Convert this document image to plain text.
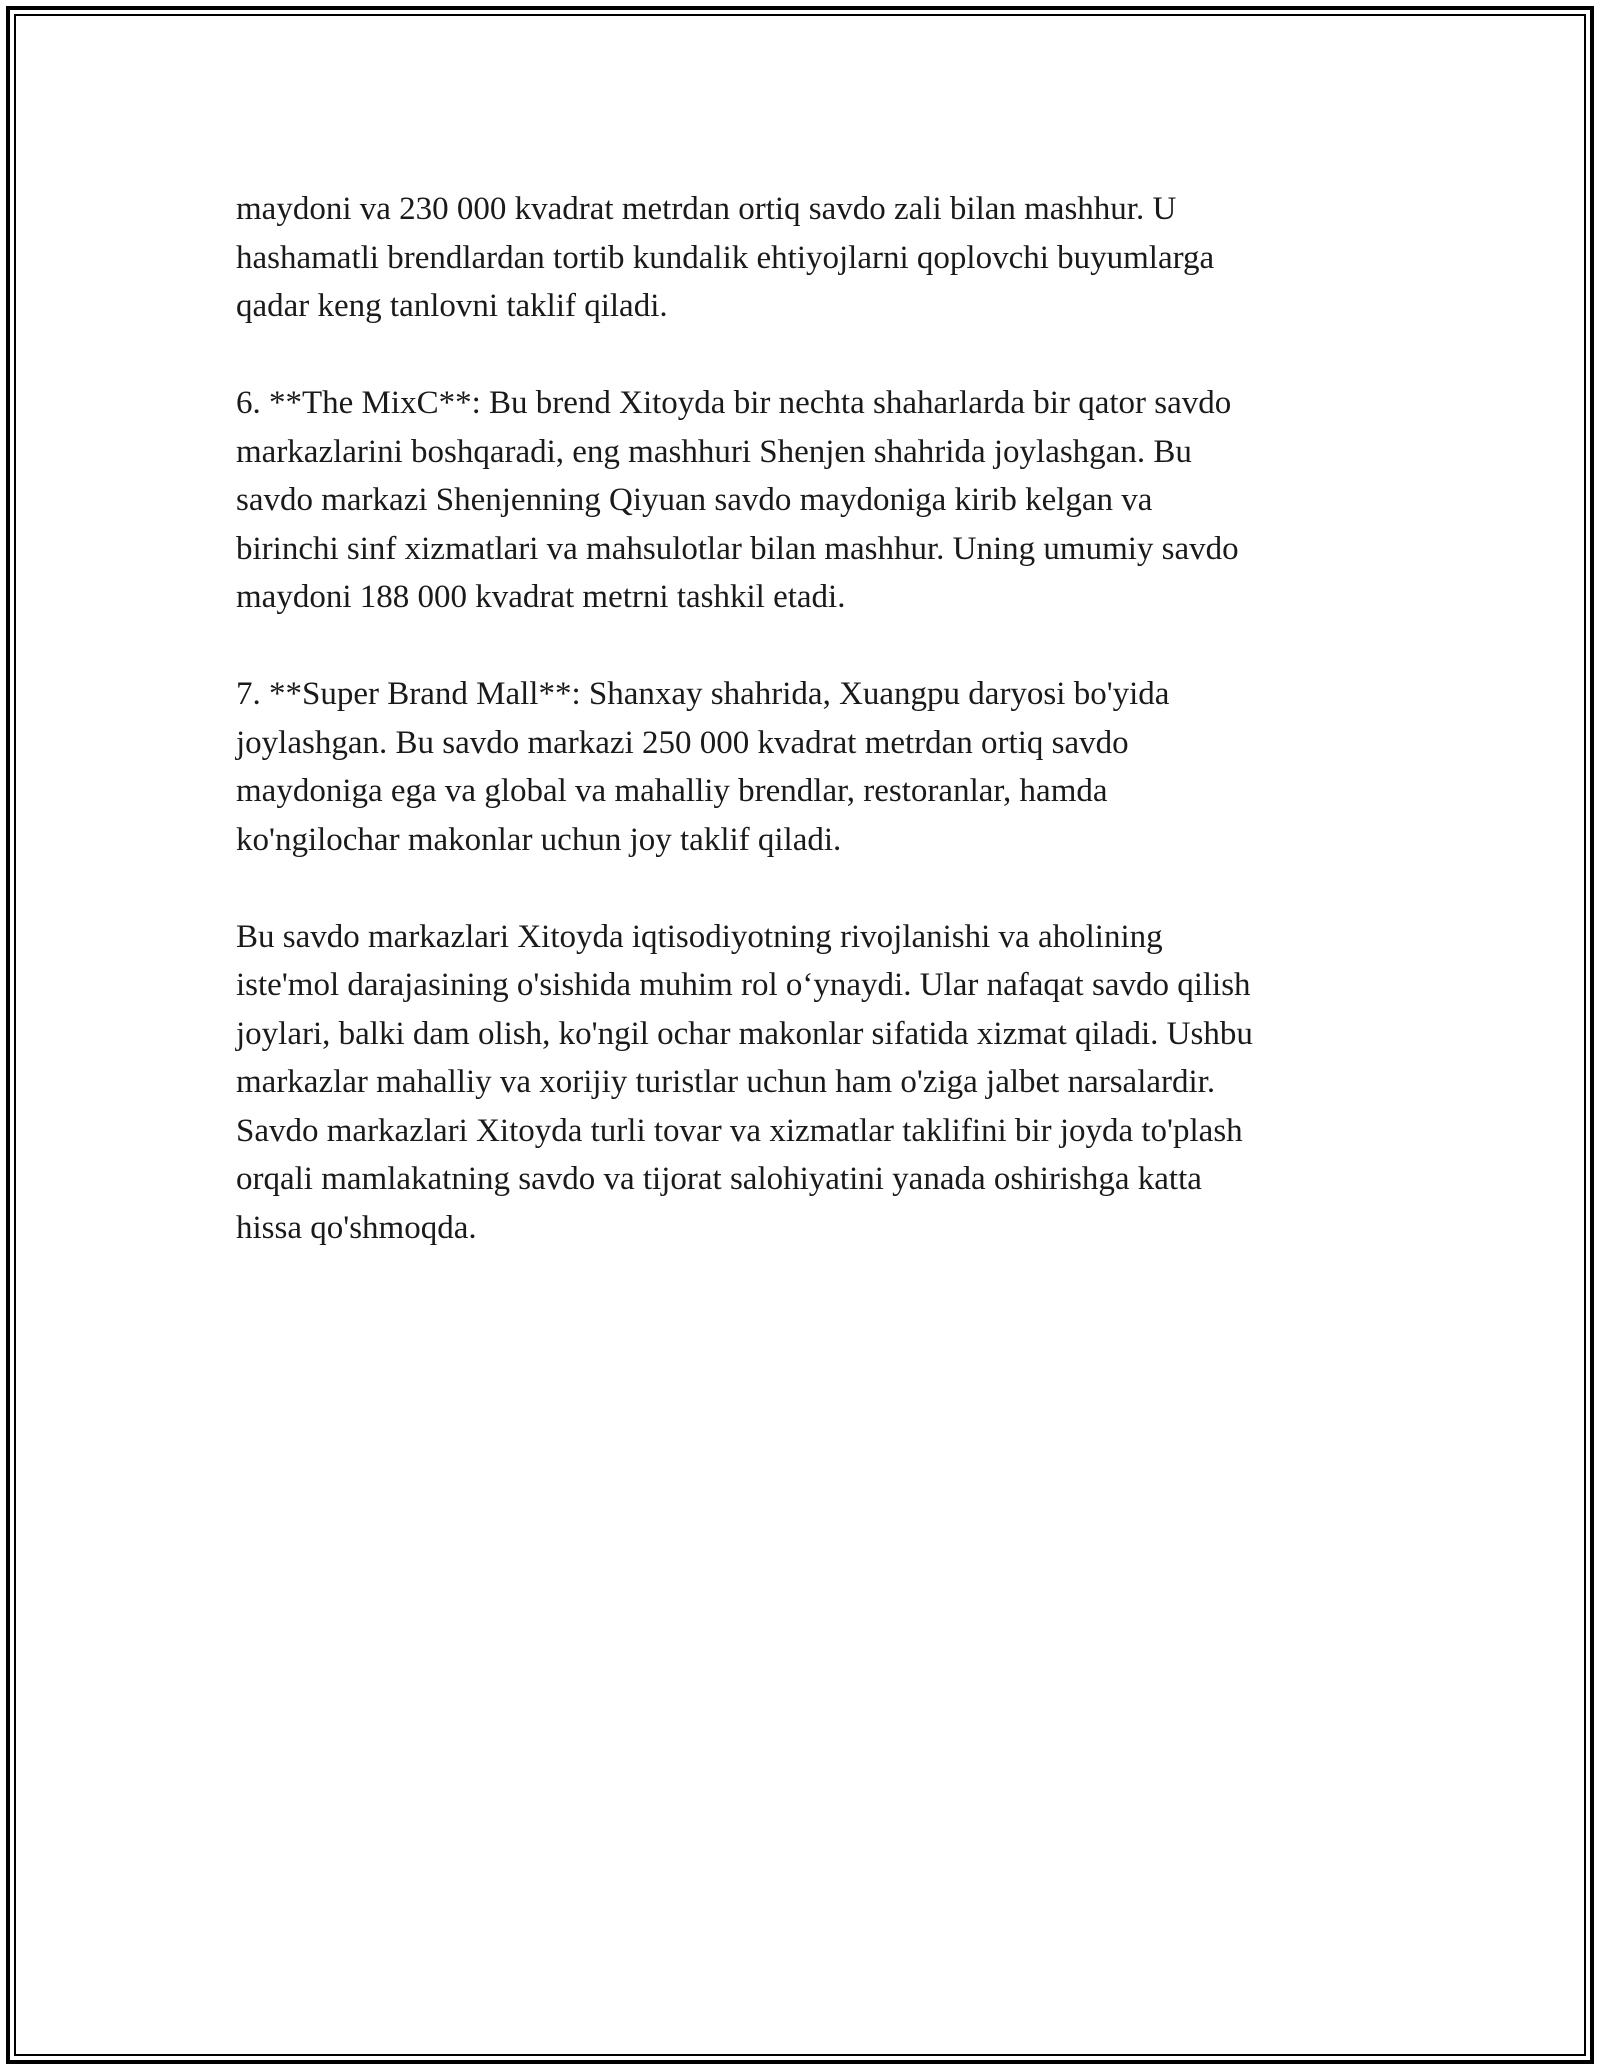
maydoni va 230 000 kvadrat metrdan ortiq savdo zali bilan mashhur. U
hashamatli brendlardan tortib kundalik ehtiyojlarni qoplovchi buyumlarga
qadar keng tanlovni taklif qiladi.

6. **The MixC**: Bu brend Xitoyda bir nechta shaharlarda bir qator savdo
markazlarini boshqaradi, eng mashhuri Shenjen shahrida joylashgan. Bu
savdo markazi Shenjenning Qiyuan savdo maydoniga kirib kelgan va
birinchi sinf xizmatlari va mahsulotlar bilan mashhur. Uning umumiy savdo
maydoni 188 000 kvadrat metrni tashkil etadi.

7. **Super Brand Mall**: Shanxay shahrida, Xuangpu daryosi bo'yida
joylashgan. Bu savdo markazi 250 000 kvadrat metrdan ortiq savdo
maydoniga ega va global va mahalliy brendlar, restoranlar, hamda
ko'ngilochar makonlar uchun joy taklif qiladi.

Bu savdo markazlari Xitoyda iqtisodiyotning rivojlanishi va aholining
iste'mol darajasining o'sishida muhim rol o‘ynaydi. Ular nafaqat savdo qilish
joylari, balki dam olish, ko'ngil ochar makonlar sifatida xizmat qiladi. Ushbu
markazlar mahalliy va xorijiy turistlar uchun ham o'ziga jalbet narsalardir.
Savdo markazlari Xitoyda turli tovar va xizmatlar taklifini bir joyda to'plash
orqali mamlakatning savdo va tijorat salohiyatini yanada oshirishga katta
hissa qo'shmoqda.
